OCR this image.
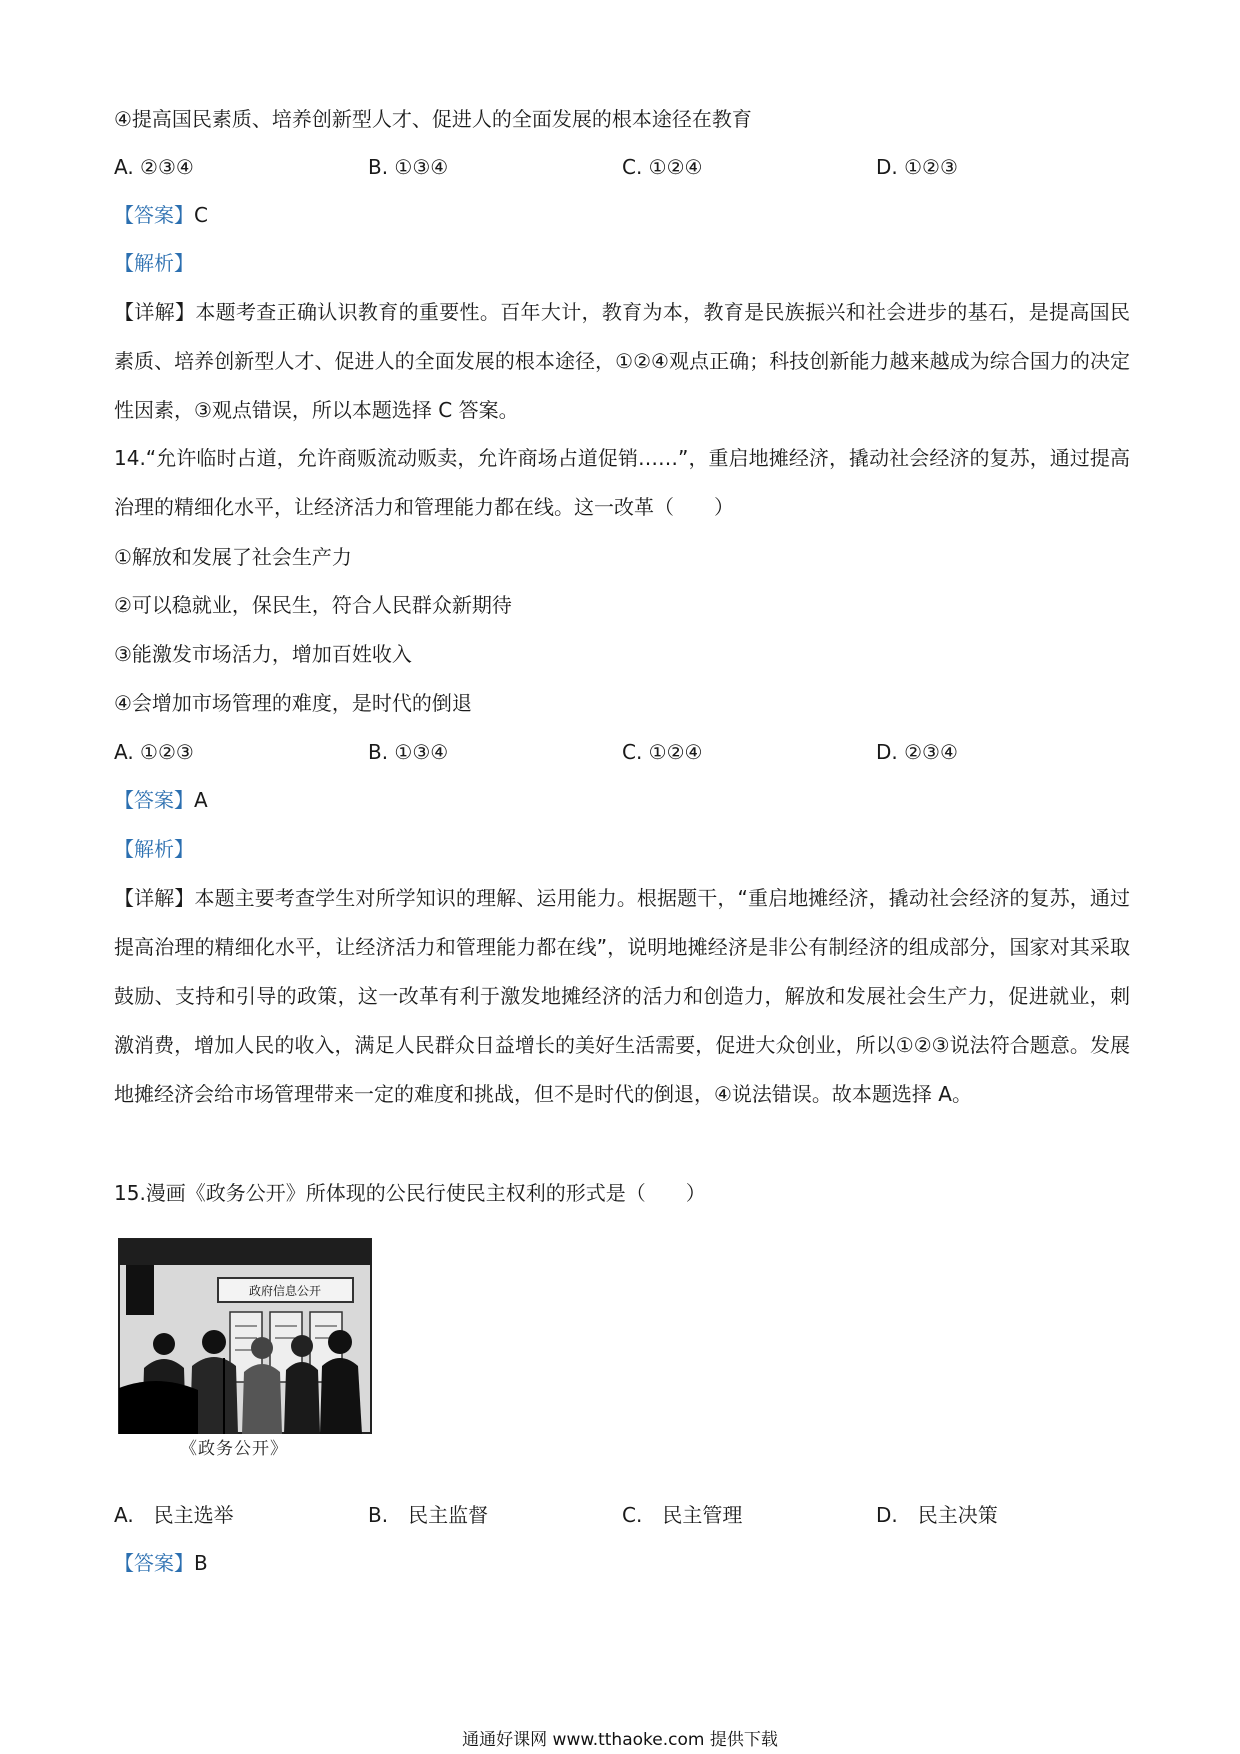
④提高国民素质、培养创新型人才、促进人的全面发展的根本途径在教育
A. ②③④	B. ①③④	C. ①②④	D. ①②③
【答案】C
【解析】
【详解】本题考查正确认识教育的重要性。百年大计，教育为本，教育是民族振兴和社会进步的基石，是提高国民素质、培养创新型人才、促进人的全面发展的根本途径，①②④观点正确；科技创新能力越来越成为综合国力的决定性因素，③观点错误，所以本题选择 C 答案。
14.“允许临时占道，允许商贩流动贩卖，允许商场占道促销……”，重启地摊经济，撬动社会经济的复苏，通过提高治理的精细化水平，让经济活力和管理能力都在线。这一改革（　　）
①解放和发展了社会生产力
②可以稳就业，保民生，符合人民群众新期待
③能激发市场活力，增加百姓收入
④会增加市场管理的难度，是时代的倒退
A. ①②③	B. ①③④	C. ①②④	D. ②③④
【答案】A
【解析】
【详解】本题主要考查学生对所学知识的理解、运用能力。根据题干，“重启地摊经济，撬动社会经济的复苏，通过提高治理的精细化水平，让经济活力和管理能力都在线”，说明地摊经济是非公有制经济的组成部分，国家对其采取鼓励、支持和引导的政策，这一改革有利于激发地摊经济的活力和创造力，解放和发展社会生产力，促进就业，刺激消费，增加人民的收入，满足人民群众日益增长的美好生活需要，促进大众创业，所以①②③说法符合题意。发展地摊经济会给市场管理带来一定的难度和挑战，但不是时代的倒退，④说法错误。故本题选择 A。
15.漫画《政务公开》所体现的公民行使民主权利的形式是（　　）
政府信息公开
《政务公开》
A.　民主选举	B.　民主监督	C.　民主管理	D.　民主决策
【答案】B
通通好课网 www.tthaoke.com 提供下载
